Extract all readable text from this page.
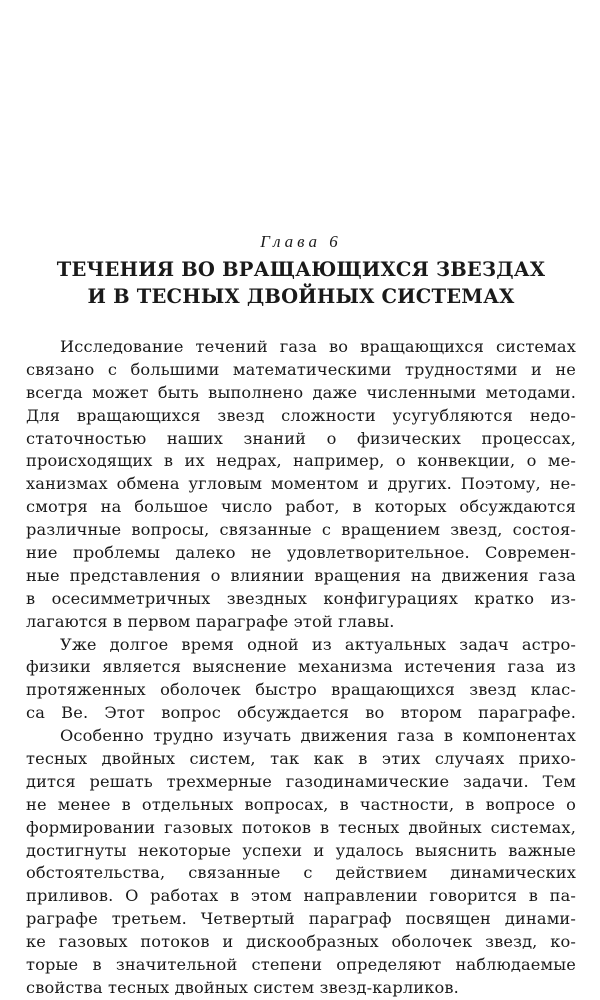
Глава 6
ТЕЧЕНИЯ ВО ВРАЩАЮЩИХСЯ ЗВЕЗДАХ
И В ТЕСНЫХ ДВОЙНЫХ СИСТЕМАХ
Исследование течений газа во вращающихся системах
связано с большими математическими трудностями и не
всегда может быть выполнено даже численными методами.
Для вращающихся звезд сложности усугубляются недо-
статочностью наших знаний о физических процессах,
происходящих в их недрах, например, о конвекции, о ме-
ханизмах обмена угловым моментом и других. Поэтому, не-
смотря на большое число работ, в которых обсуждаются
различные вопросы, связанные с вращением звезд, состоя-
ние проблемы далеко не удовлетворительное. Современ-
ные представления о влиянии вращения на движения газа
в осесимметричных звездных конфигурациях кратко из-
лагаются в первом параграфе этой главы.
Уже долгое время одной из актуальных задач астро-
физики является выяснение механизма истечения газа из
протяженных оболочек быстро вращающихся звезд клас-
са Be. Этот вопрос обсуждается во втором параграфе.
Особенно трудно изучать движения газа в компонентах
тесных двойных систем, так как в этих случаях прихо-
дится решать трехмерные газодинамические задачи. Тем
не менее в отдельных вопросах, в частности, в вопросе о
формировании газовых потоков в тесных двойных системах,
достигнуты некоторые успехи и удалось выяснить важные
обстоятельства, связанные с действием динамических
приливов. О работах в этом направлении говорится в па-
раграфе третьем. Четвертый параграф посвящен динами-
ке газовых потоков и дискообразных оболочек звезд, ко-
торые в значительной степени определяют наблюдаемые
свойства тесных двойных систем звезд-карликов.
